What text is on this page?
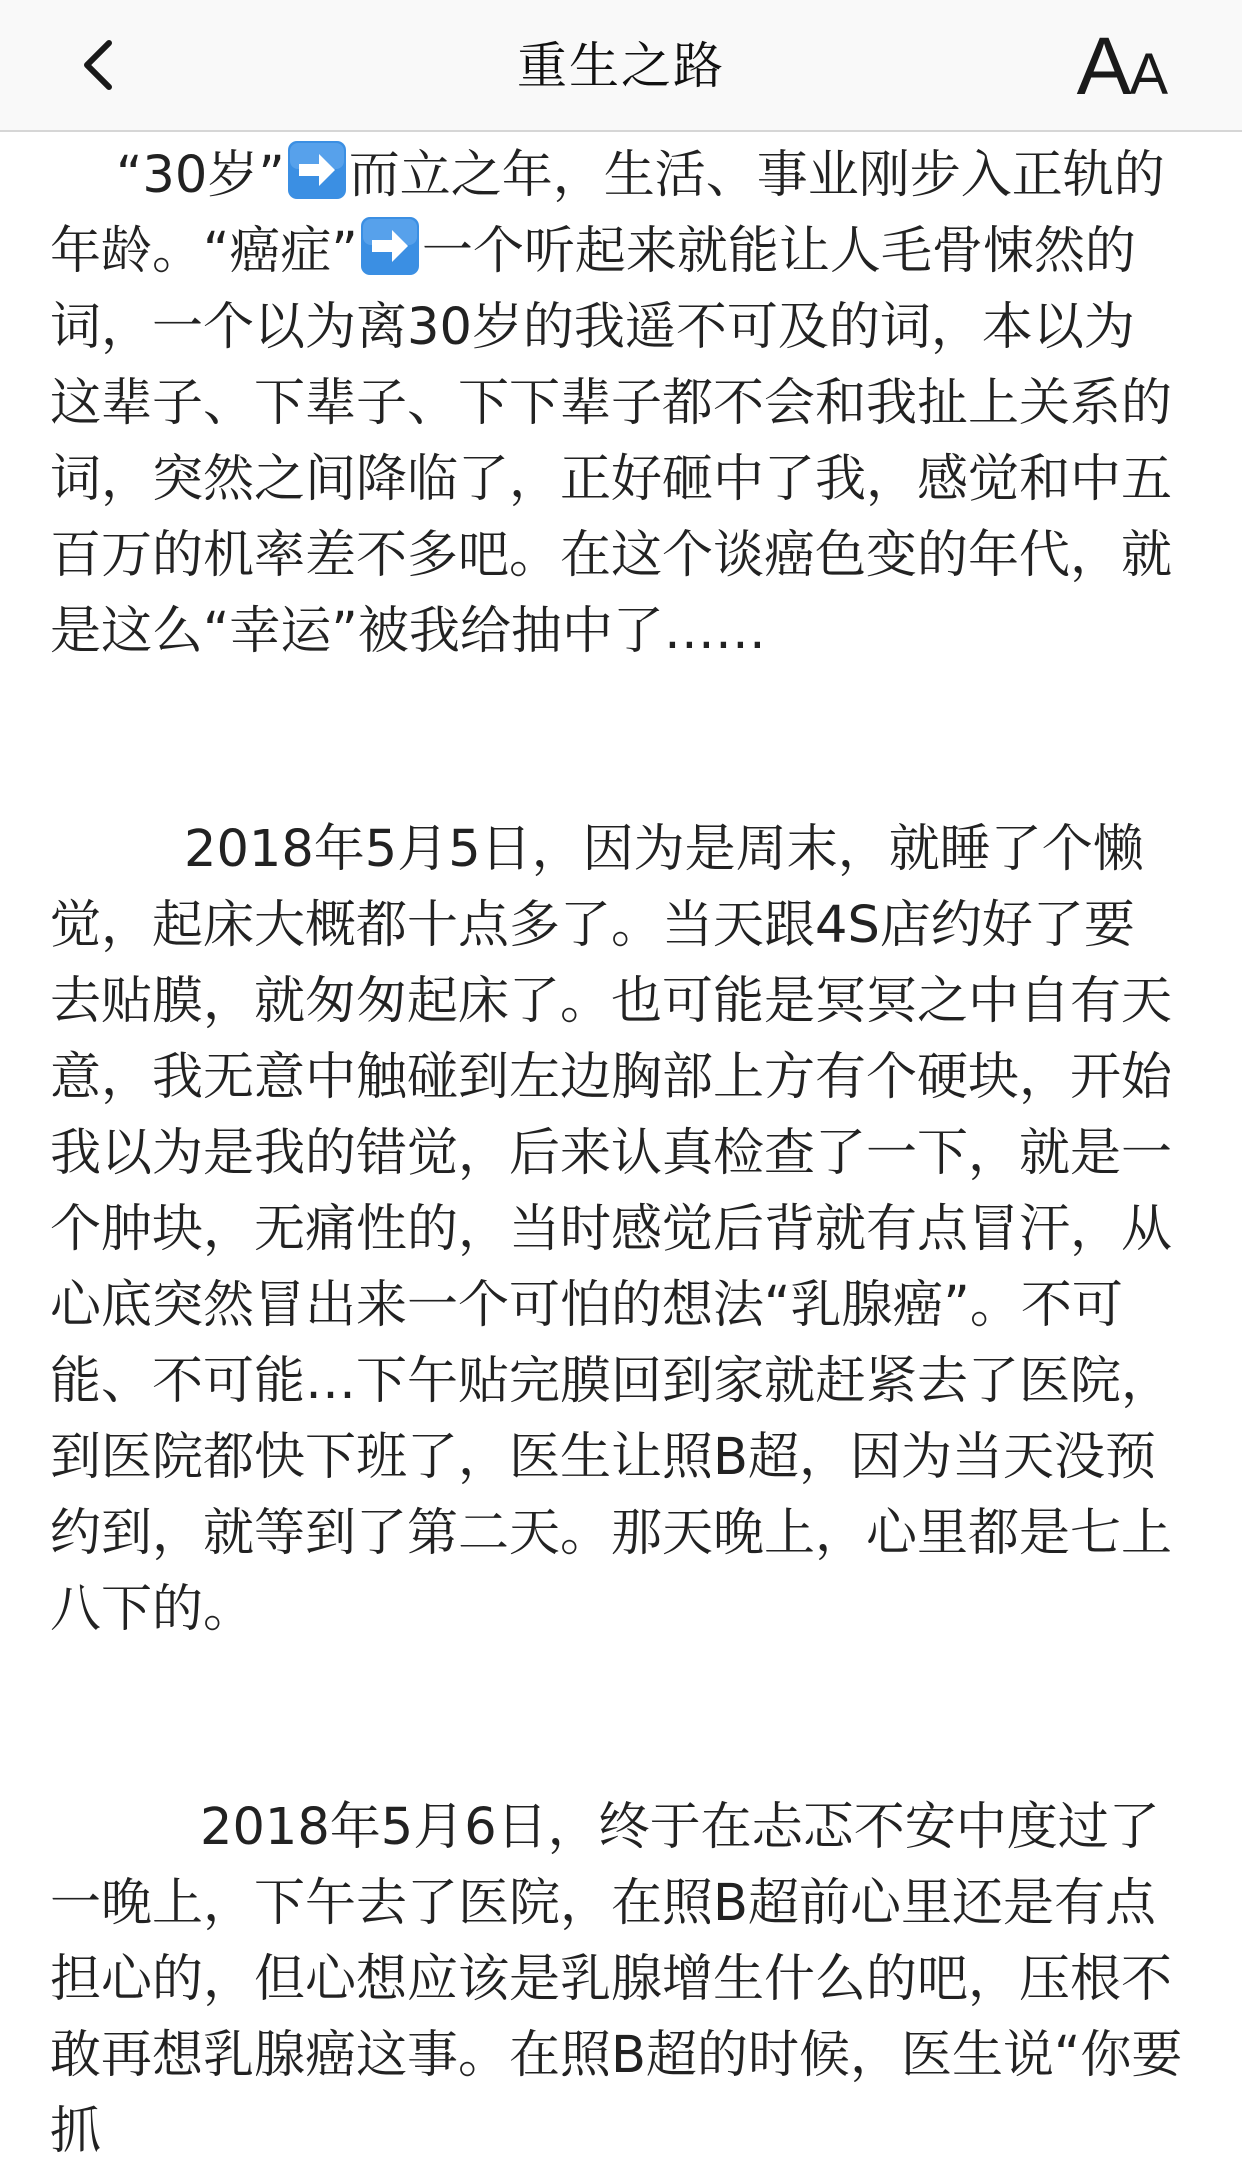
重生之路	A
A

“30岁” 而立之年，生活、事业刚步入正轨的年龄。“癌症” 一个听起来就能让人毛骨悚然的词，一个以为离30岁的我遥不可及的词，本以为这辈子、下辈子、下下辈子都不会和我扯上关系的词，突然之间降临了，正好砸中了我，感觉和中五百万的机率差不多吧。在这个谈癌色变的年代，就是这么“幸运”被我给抽中了……

2018年5月5日，因为是周末，就睡了个懒觉，起床大概都十点多了。当天跟4S店约好了要去贴膜，就匆匆起床了。也可能是冥冥之中自有天意，我无意中触碰到左边胸部上方有个硬块，开始我以为是我的错觉，后来认真检查了一下，就是一个肿块，无痛性的，当时感觉后背就有点冒汗，从心底突然冒出来一个可怕的想法“乳腺癌”。不可能、不可能…下午贴完膜回到家就赶紧去了医院，到医院都快下班了，医生让照B超，因为当天没预约到，就等到了第二天。那天晚上，心里都是七上八下的。

2018年5月6日，终于在忐忑不安中度过了一晚上，下午去了医院，在照B超前心里还是有点担心的，但心想应该是乳腺增生什么的吧，压根不敢再想乳腺癌这事。在照B超的时候，医生说“你要抓
